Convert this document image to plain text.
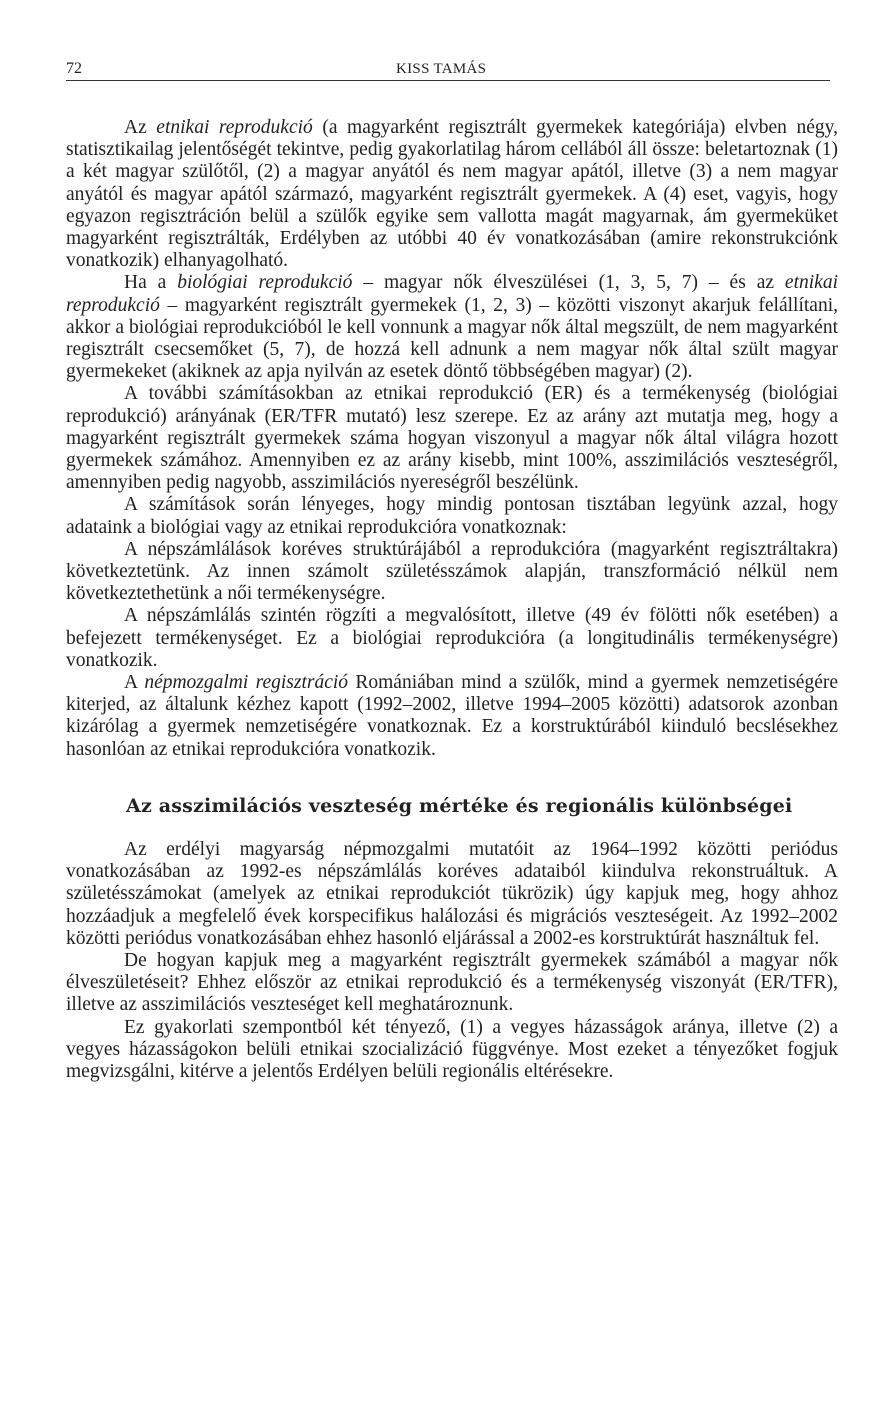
72	KISS TAMÁS

Az etnikai reprodukció (a magyarként regisztrált gyermekek kategóriája) elvben négy, statisztikailag jelentőségét tekintve, pedig gyakorlatilag három cellából áll össze: beletartoznak (1) a két magyar szülőtől, (2) a magyar anyától és nem magyar apától, illetve (3) a nem magyar anyától és magyar apától származó, magyarként regisztrált gyermekek. A (4) eset, vagyis, hogy egyazon regisztráción belül a szülők egyike sem vallotta magát magyarnak, ám gyermeküket magyarként regisztrálták, Erdélyben az utóbbi 40 év vonatkozásában (amire rekonstrukciónk vonatkozik) elhanyagolható.

Ha a biológiai reprodukció – magyar nők élveszülései (1, 3, 5, 7) – és az etnikai reprodukció – magyarként regisztrált gyermekek (1, 2, 3) – közötti viszonyt akarjuk felállítani, akkor a biológiai reprodukcióból le kell vonnunk a magyar nők által megszült, de nem magyarként regisztrált csecsemőket (5, 7), de hozzá kell adnunk a nem magyar nők által szült magyar gyermekeket (akiknek az apja nyilván az esetek döntő többségében magyar) (2).

A további számításokban az etnikai reprodukció (ER) és a termékenység (biológiai reprodukció) arányának (ER/TFR mutató) lesz szerepe. Ez az arány azt mutatja meg, hogy a magyarként regisztrált gyermekek száma hogyan viszonyul a magyar nők által világra hozott gyermekek számához. Amennyiben ez az arány kisebb, mint 100%, asszimilációs veszteségről, amennyiben pedig nagyobb, asszimilációs nyereségről beszélünk.

A számítások során lényeges, hogy mindig pontosan tisztában legyünk azzal, hogy adataink a biológiai vagy az etnikai reprodukcióra vonatkoznak:

A népszámlálások koréves struktúrájából a reprodukcióra (magyarként regisztráltakra) következtetünk. Az innen számolt születésszámok alapján, transzformáció nélkül nem következtethetünk a női termékenységre.

A népszámlálás szintén rögzíti a megvalósított, illetve (49 év fölötti nők esetében) a befejezett termékenységet. Ez a biológiai reprodukcióra (a longitudinális termékenységre) vonatkozik.

A népmozgalmi regisztráció Romániában mind a szülők, mind a gyermek nemzetiségére kiterjed, az általunk kézhez kapott (1992–2002, illetve 1994–2005 közötti) adatsorok azonban kizárólag a gyermek nemzetiségére vonatkoznak. Ez a korstruktúrából kiinduló becslésekhez hasonlóan az etnikai reprodukcióra vonatkozik.

Az asszimilációs veszteség mértéke és regionális különbségei

Az erdélyi magyarság népmozgalmi mutatóit az 1964–1992 közötti periódus vonatkozásában az 1992-es népszámlálás koréves adataiból kiindulva rekonstruáltuk. A születésszámokat (amelyek az etnikai reprodukciót tükrözik) úgy kapjuk meg, hogy ahhoz hozzáadjuk a megfelelő évek korspecifikus halálozási és migrációs veszteségeit. Az 1992–2002 közötti periódus vonatkozásában ehhez hasonló eljárással a 2002-es korstruktúrát használtuk fel.

De hogyan kapjuk meg a magyarként regisztrált gyermekek számából a magyar nők élveszületéseit? Ehhez először az etnikai reprodukció és a termékenység viszonyát (ER/TFR), illetve az asszimilációs veszteséget kell meghatároznunk.

Ez gyakorlati szempontból két tényező, (1) a vegyes házasságok aránya, illetve (2) a vegyes házasságokon belüli etnikai szocializáció függvénye. Most ezeket a tényezőket fogjuk megvizsgálni, kitérve a jelentős Erdélyen belüli regionális eltérésekre.
